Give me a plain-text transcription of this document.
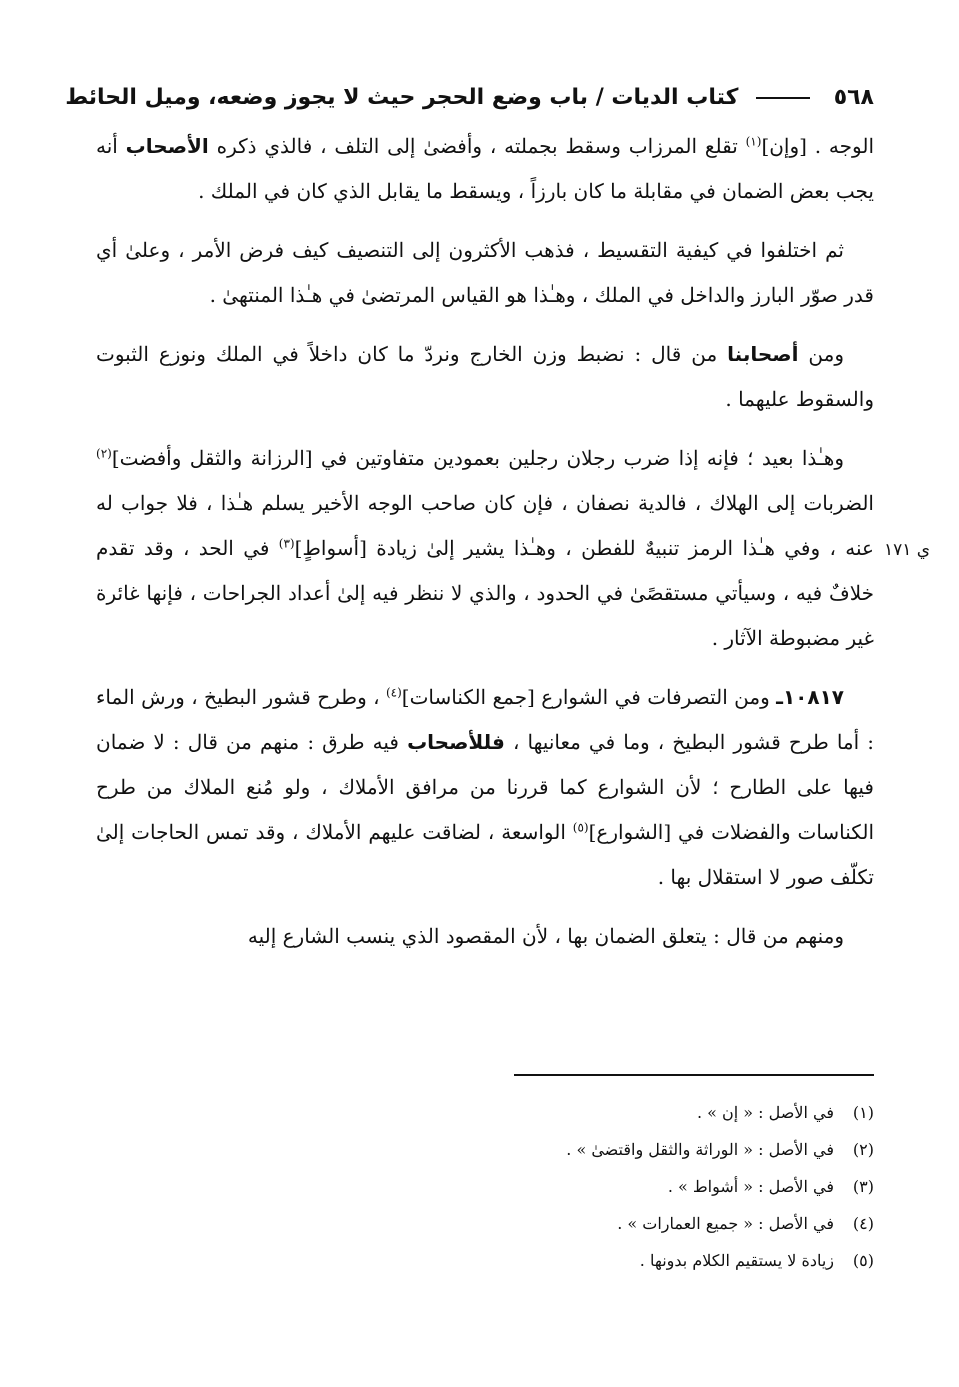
٥٦٨  كتاب الديات / باب وضع الحجر حيث لا يجوز وضعه، وميل الحائط
ي ١٧١

الوجه . [وإن]$^{(١)}$ تقلع المرزاب وسقط بجملته ، وأفضىٰ إلى التلف ، فالذي ذكره الأصحاب أنه يجب بعض الضمان في مقابلة ما كان بارزاً ، ويسقط ما يقابل الذي كان في الملك .

ثم اختلفوا في كيفية التقسيط ، فذهب الأكثرون إلى التنصيف كيف فرض الأمر ، وعلىٰ أي قدر صوّر البارز والداخل في الملك ، وهـٰذا هو القياس المرتضىٰ في هـٰذا المنتهىٰ .

ومن أصحابنا من قال : نضبط وزن الخارج ونردّ ما كان داخلاً في الملك ونوزع الثبوت والسقوط عليهما .

وهـٰذا بعيد ؛ فإنه إذا ضرب رجلان رجلين بعمودين متفاوتين في [الرزانة والثقل وأفضت]$^{(٢)}$ الضربات إلى الهلاك ، فالدية نصفان ، فإن كان صاحب الوجه الأخير يسلم هـٰذا ، فلا جواب له عنه ، وفي هـٰذا الرمز تنبيهٌ للفطن ، وهـٰذا يشير إلىٰ زيادة [أسواطٍ]$^{(٣)}$ في الحد ، وقد تقدم خلافٌ فيه ، وسيأتي مستقصًىٰ في الحدود ، والذي لا ننظر فيه إلىٰ أعداد الجراحات ، فإنها غائرة غير مضبوطة الآثار .

١٠٨١٧ـ ومن التصرفات في الشوارع [جمع الكناسات]$^{(٤)}$ ، وطرح قشور البطيخ ، ورش الماء : أما طرح قشور البطيخ ، وما في معانيها ، فللأصحاب فيه طرق : منهم من قال : لا ضمان فيها على الطارح ؛ لأن الشوارع كما قررنا من مرافق الأملاك ، ولو مُنع الملاك من طرح الكناسات والفضلات في [الشوارع]$^{(٥)}$ الواسعة ، لضاقت عليهم الأملاك ، وقد تمس الحاجات إلىٰ تكلّف صور لا استقلال بها .

ومنهم من قال : يتعلق الضمان بها ، لأن المقصود الذي ينسب الشارع إليه

(١)في الأصل : « إن » .
(٢)في الأصل : « الوراثة والثقل واقتضىٰ » .
(٣)في الأصل : « أشواط » .
(٤)في الأصل : « جميع العمارات » .
(٥)زيادة لا يستقيم الكلام بدونها .
